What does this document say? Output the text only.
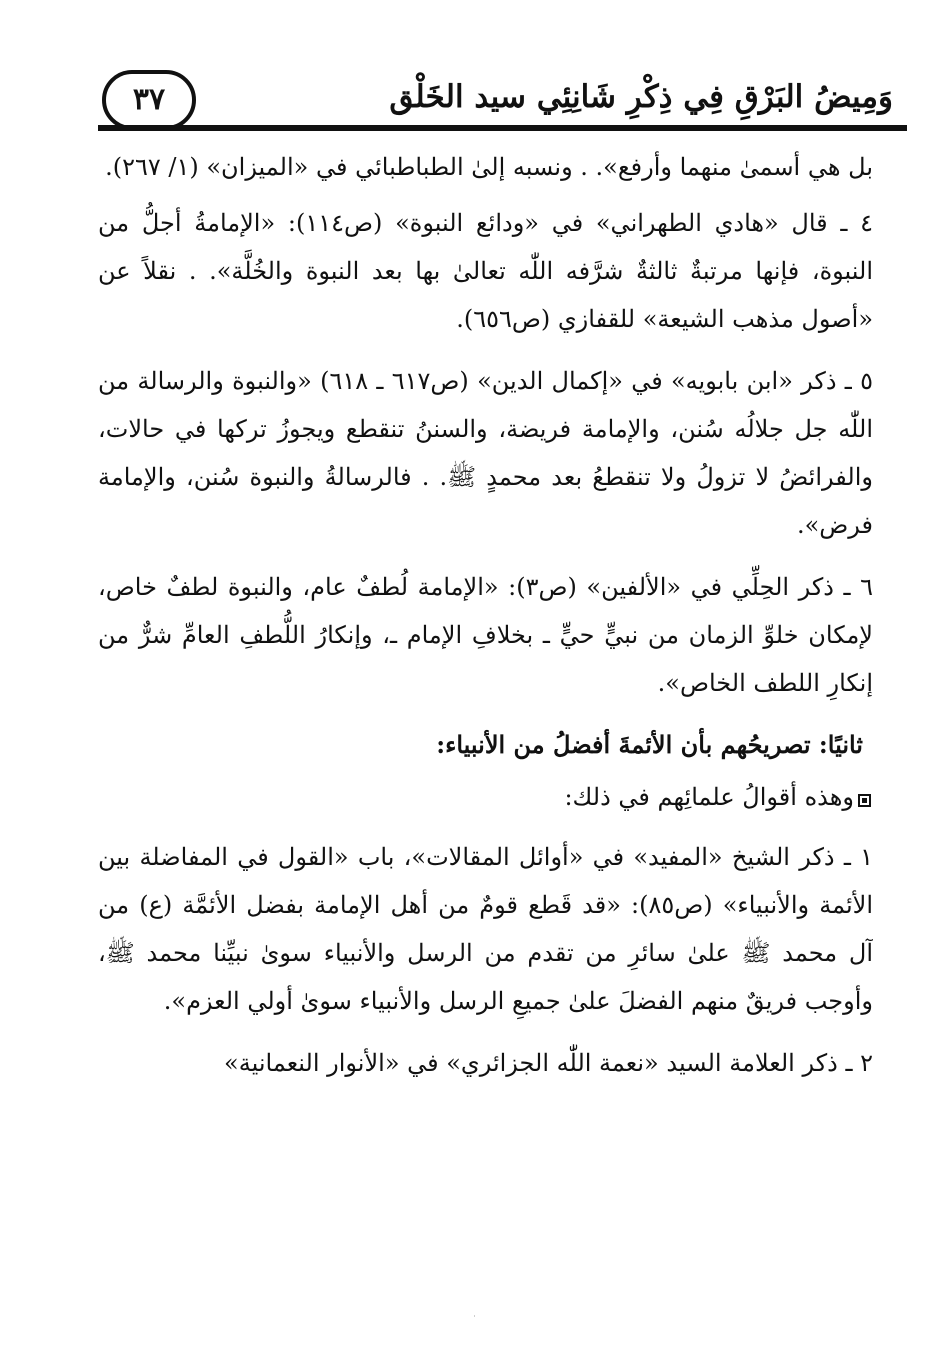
٣٧	وَمِيضُ البَرْقِ فِي ذِكْرِ شَانِئِي سيد الخَلْق

بل هي أسمىٰ منهما وأرفع». . ونسبه إلىٰ الطباطبائي في «الميزان» (١/ ٢٦٧).

٤ ـ قال «هادي الطهراني» في «ودائع النبوة» (ص١١٤): «الإمامةُ أجلُّ من النبوة، فإنها مرتبةٌ ثالثةٌ شرَّفه اللّٰه تعالىٰ بها بعد النبوة والخُلَّة». . نقلاً عن «أصول مذهب الشيعة» للقفازي (ص٦٥٦).

٥ ـ ذكر «ابن بابويه» في «إكمال الدين» (ص٦١٧ ـ ٦١٨) «والنبوة والرسالة من اللّٰه جل جلالُه سُنن، والإمامة فريضة، والسننُ تنقطع ويجوزُ تركها في حالات، والفرائضُ لا تزولُ ولا تنقطعُ بعد محمدٍ ﷺ. . فالرسالةُ والنبوة سُنن، والإمامة فرض».

٦ ـ ذكر الحِلِّي في «الألفين» (ص٣): «الإمامة لُطفٌ عام، والنبوة لطفٌ خاص، لإمكان خلوِّ الزمان من نبيٍّ حيٍّ ـ بخلافِ الإمام ـ، وإنكارُ اللُّطفِ العامِّ شرٌّ من إنكارِ اللطف الخاص».

ثانيًا: تصريحُهم بأن الأئمةَ أفضلُ من الأنبياء:
وهذه أقوالُ علمائِهم في ذلك:

١ ـ ذكر الشيخ «المفيد» في «أوائل المقالات»، باب «القول في المفاضلة بين الأئمة والأنبياء» (ص٨٥): «قد قَطع قومٌ من أهل الإمامة بفضل الأئمَّة (ع) من آل محمد ﷺ علىٰ سائرِ من تقدم من الرسل والأنبياء سوىٰ نبيِّنا محمد ﷺ، وأوجب فريقٌ منهم الفضلَ علىٰ جميعِ الرسل والأنبياء سوىٰ أولي العزم».

٢ ـ ذكر العلامة السيد «نعمة اللّٰه الجزائري» في «الأنوار النعمانية»

·
